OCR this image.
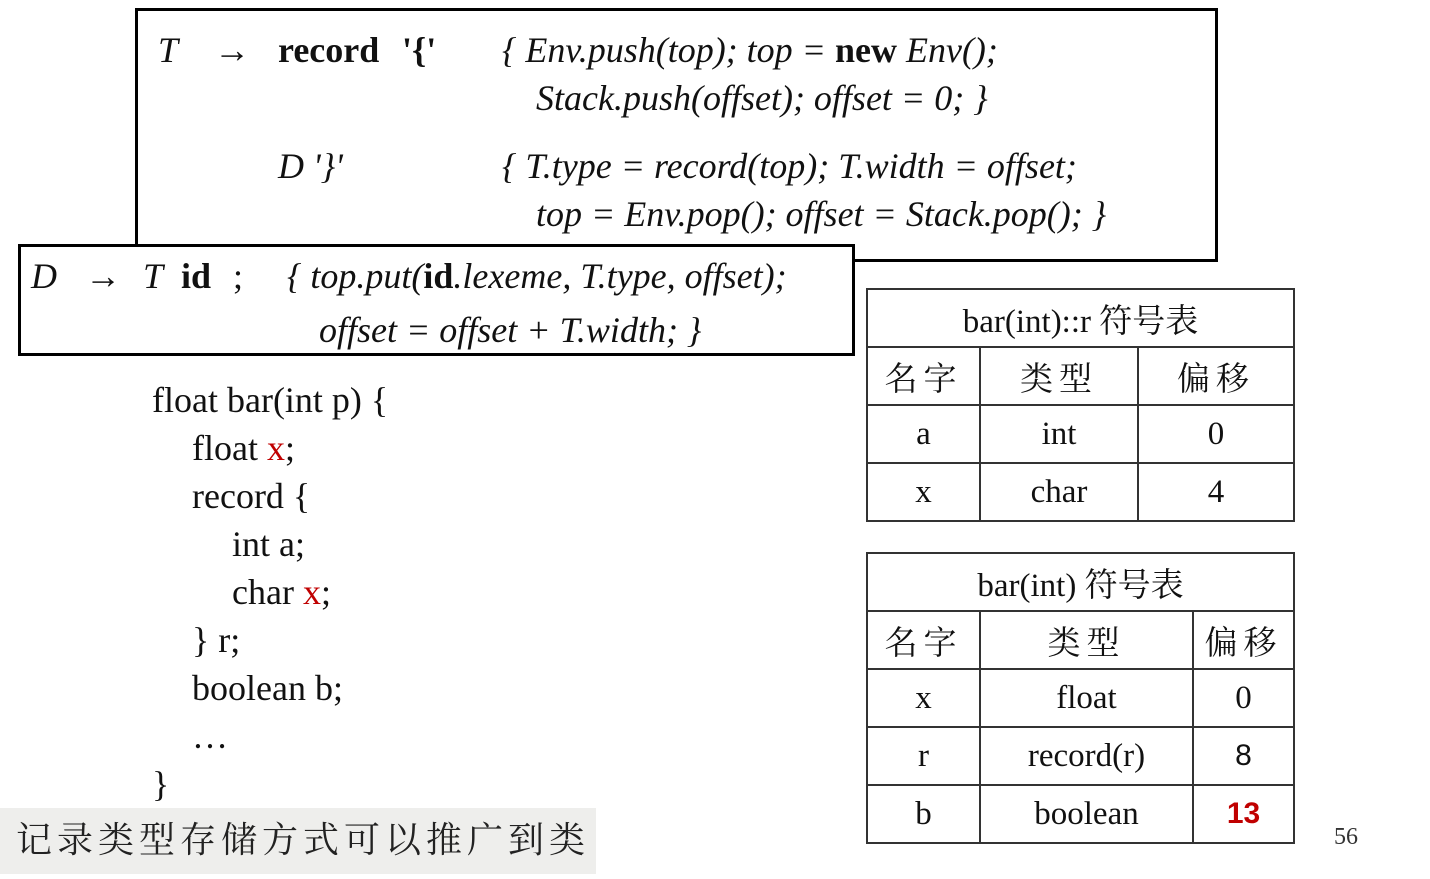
T → record '{' { Env.push(top); top = new Env();
Stack.push(offset); offset = 0; }
D '}'	{ T.type = record(top); T.width = offset;
top = Env.pop(); offset = Stack.pop(); }
D → T id ; { top.put(id.lexeme, T.type, offset);
offset = offset + T.width; }
float bar(int p) {
float x;
record {
int a;
char x;
} r;
boolean b;
…
}
bar(int)::r 符号表		
名字	类型	偏移
a	int	0
x	char	4
bar(int) 符号表		
名字	类型	偏移
x	float	0
r	record(r)	8
b	boolean	13
记录类型存储方式可以推广到类	56
